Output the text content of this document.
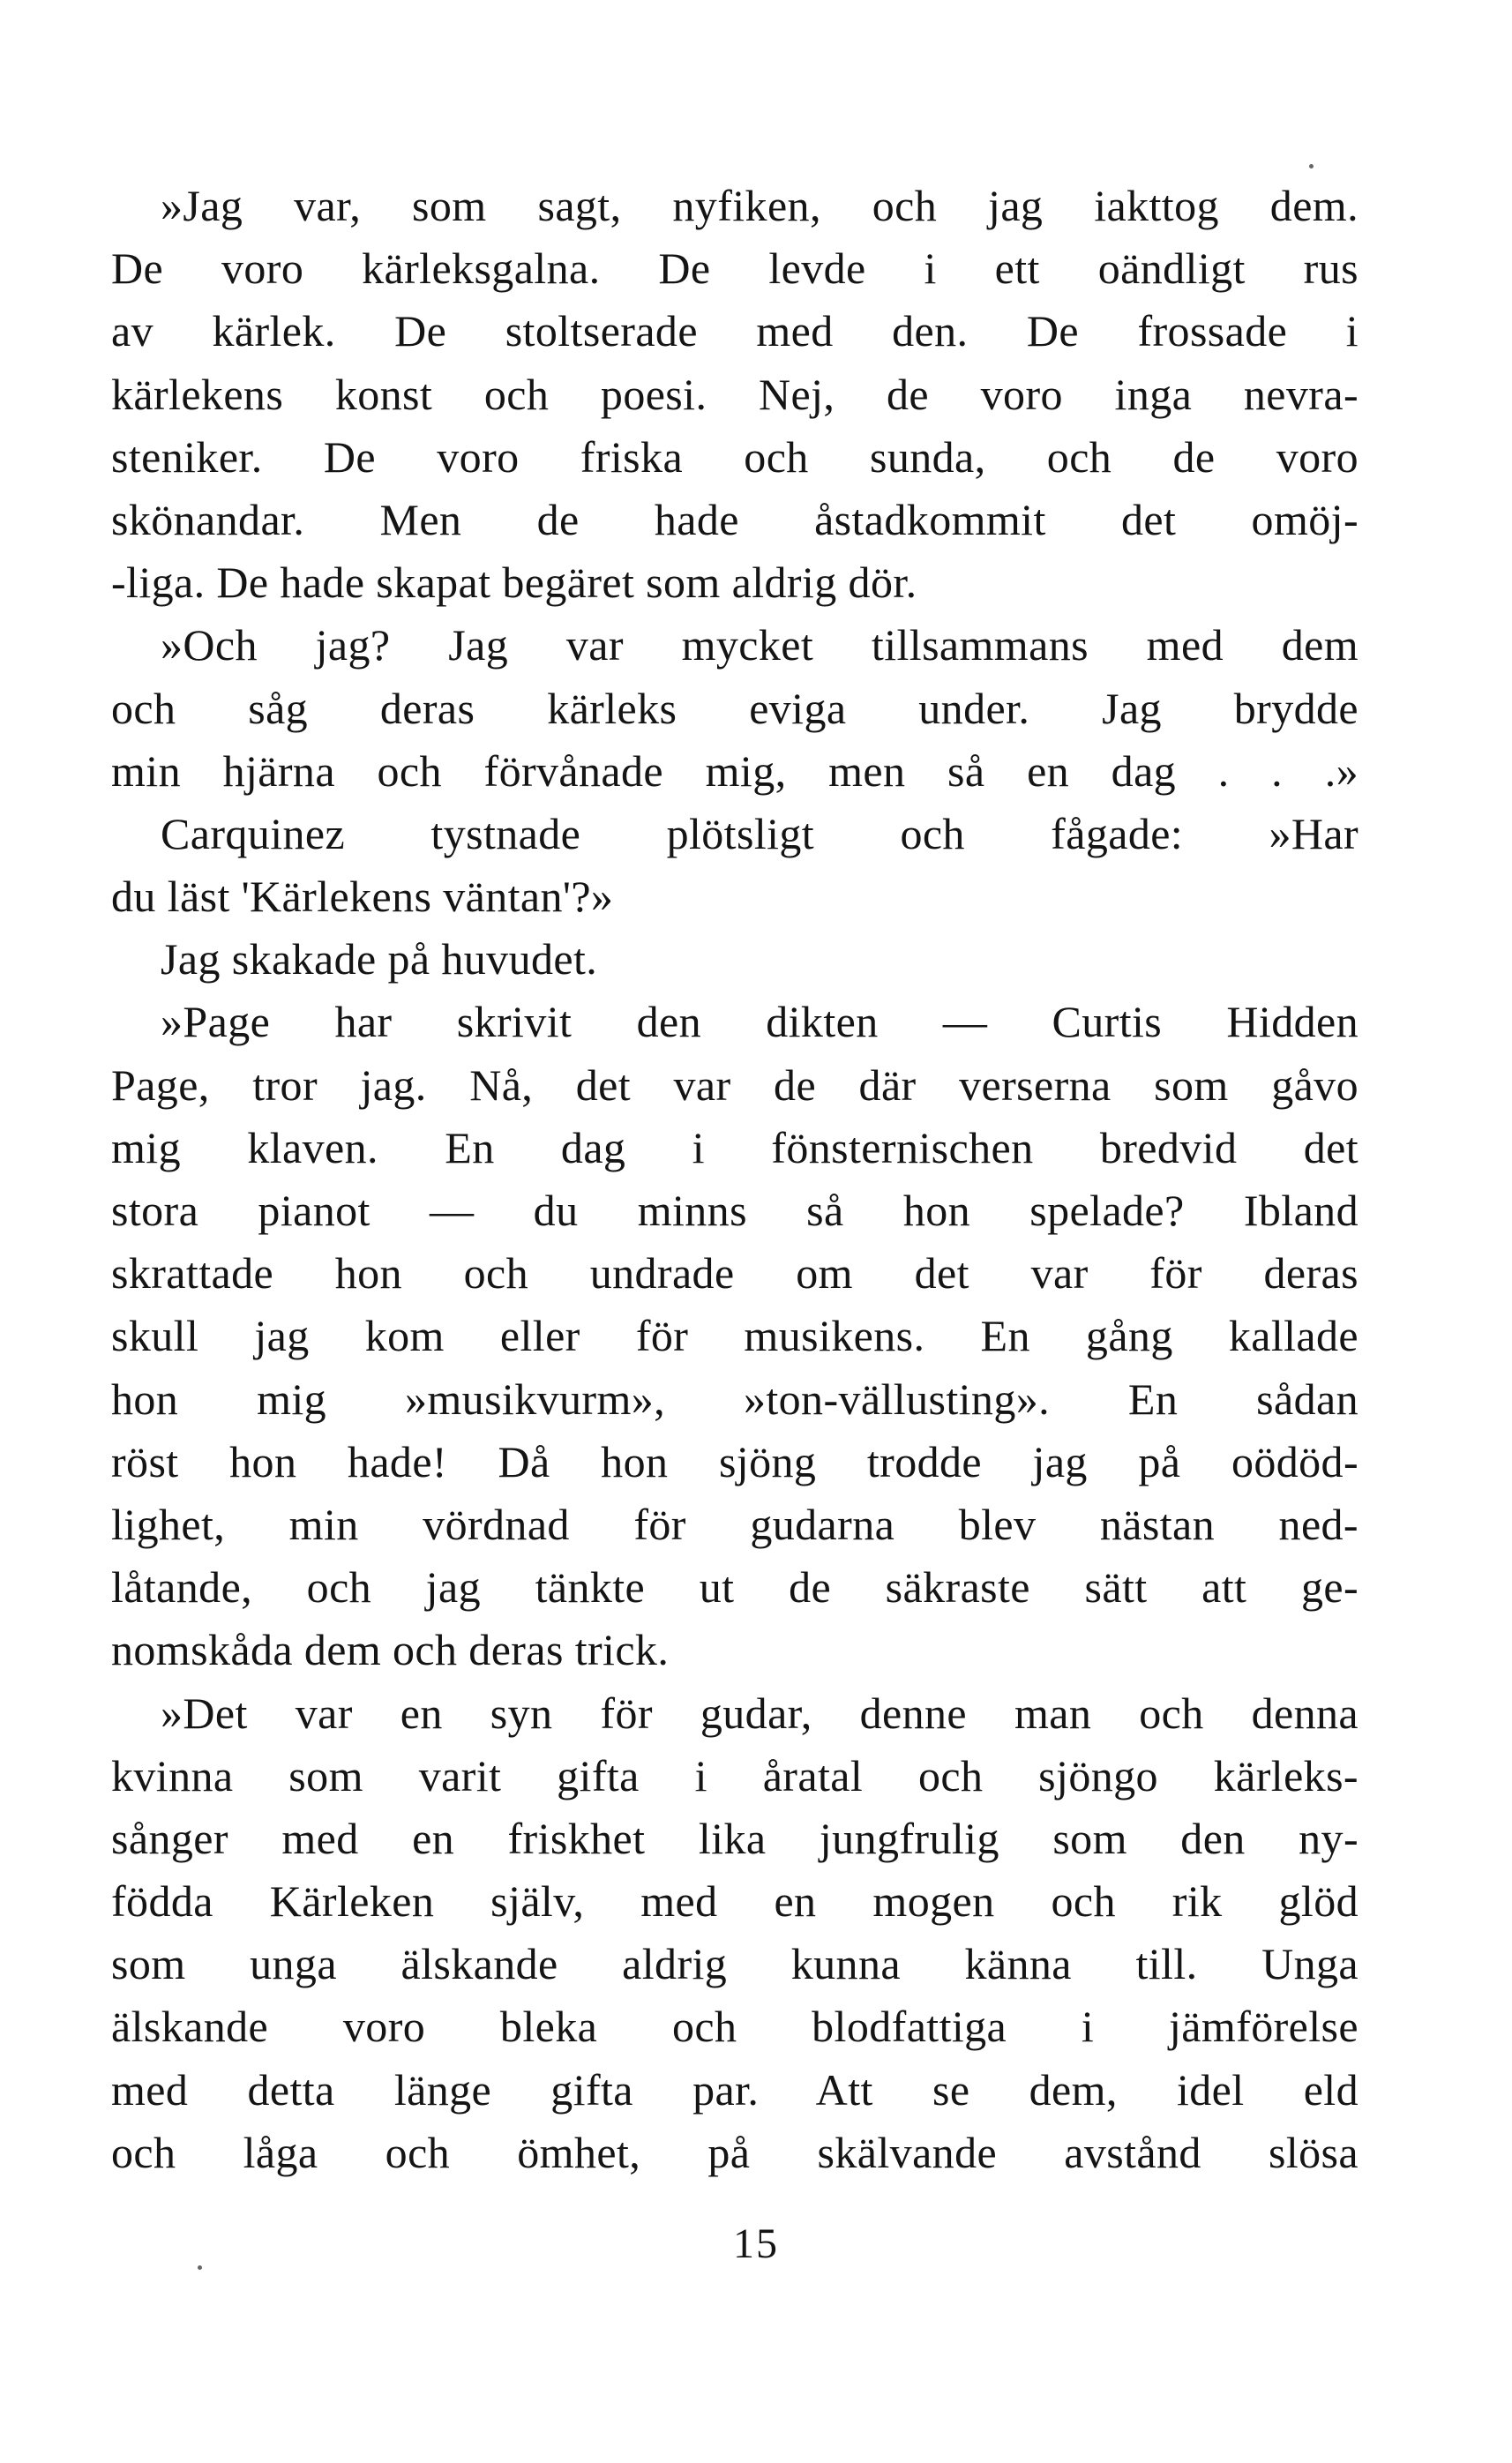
»Jag var, som sagt, nyfiken, och jag iakttog dem.
De voro kärleksgalna. De levde i ett oändligt rus
av kärlek. De stoltserade med den. De frossade i
kärlekens konst och poesi. Nej, de voro inga nevra-
steniker. De voro friska och sunda, och de voro
skönandar. Men de hade åstadkommit det omöj-
-liga. De hade skapat begäret som aldrig dör.
»Och jag? Jag var mycket tillsammans med dem
och såg deras kärleks eviga under. Jag brydde
min hjärna och förvånade mig, men så en dag . . .»
Carquinez tystnade plötsligt och fågade: »Har
du läst 'Kärlekens väntan'?»
Jag skakade på huvudet.
»Page har skrivit den dikten — Curtis Hidden
Page, tror jag. Nå, det var de där verserna som gåvo
mig klaven. En dag i fönsternischen bredvid det
stora pianot — du minns så hon spelade? Ibland
skrattade hon och undrade om det var för deras
skull jag kom eller för musikens. En gång kallade
hon mig »musikvurm», »ton-vällusting». En sådan
röst hon hade! Då hon sjöng trodde jag på oödöd-
lighet, min vördnad för gudarna blev nästan ned-
låtande, och jag tänkte ut de säkraste sätt att ge-
nomskåda dem och deras trick.
»Det var en syn för gudar, denne man och denna
kvinna som varit gifta i åratal och sjöngo kärleks-
sånger med en friskhet lika jungfrulig som den ny-
födda Kärleken själv, med en mogen och rik glöd
som unga älskande aldrig kunna känna till. Unga
älskande voro bleka och blodfattiga i jämförelse
med detta länge gifta par. Att se dem, idel eld
och låga och ömhet, på skälvande avstånd slösa
15
